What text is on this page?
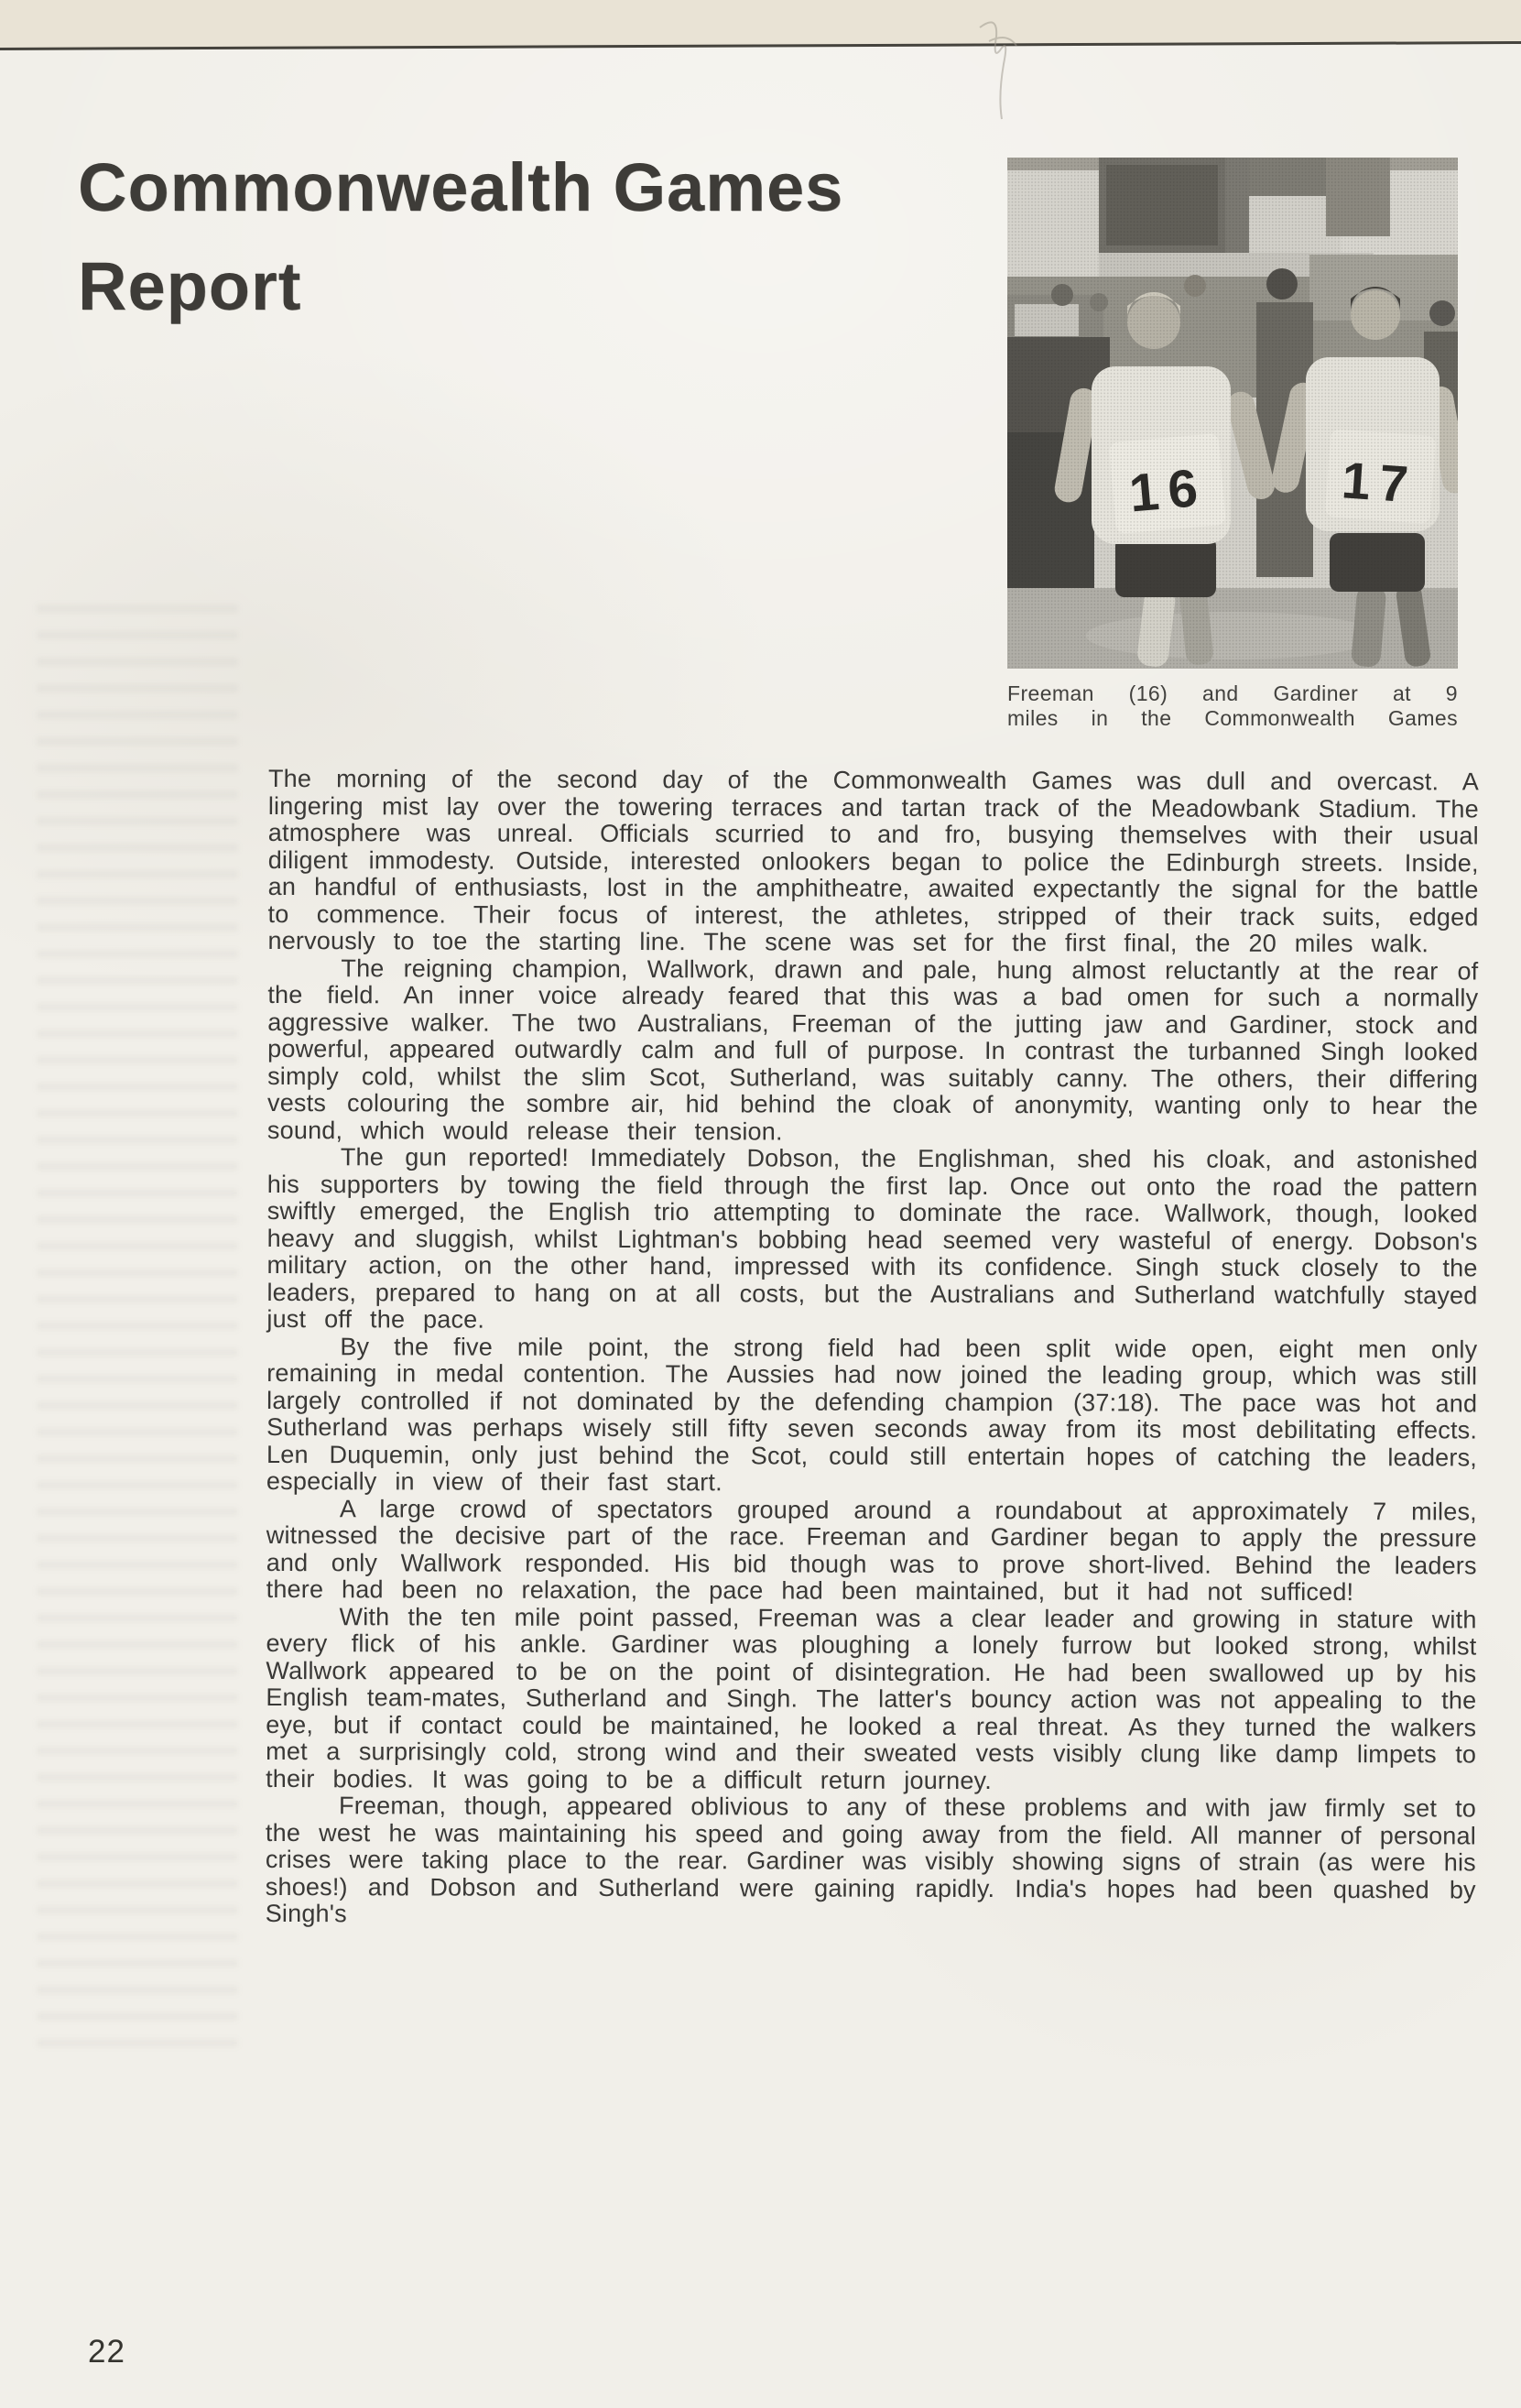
Commonwealth Games
Report
16	17
Freeman (16) and Gardiner at 9
miles in the Commonwealth Games

The morning of the second day of the Commonwealth Games was dull and overcast. A lingering mist lay over the towering terraces and tartan track of the Meadowbank Stadium. The atmosphere was unreal. Officials scurried to and fro, busying themselves with their usual diligent immodesty. Outside, interested onlookers began to police the Edinburgh streets. Inside, an handful of enthusiasts, lost in the amphitheatre, awaited expectantly the signal for the battle to commence. Their focus of interest, the athletes, stripped of their track suits, edged nervously to toe the starting line. The scene was set for the first final, the 20 miles walk.

The reigning champion, Wallwork, drawn and pale, hung almost reluctantly at the rear of the field. An inner voice already feared that this was a bad omen for such a normally aggressive walker. The two Australians, Freeman of the jutting jaw and Gardiner, stock and powerful, appeared outwardly calm and full of purpose. In contrast the turbanned Singh looked simply cold, whilst the slim Scot, Sutherland, was suitably canny. The others, their differing vests colouring the sombre air, hid behind the cloak of anonymity, wanting only to hear the sound, which would release their tension.

The gun reported! Immediately Dobson, the Englishman, shed his cloak, and astonished his supporters by towing the field through the first lap. Once out onto the road the pattern swiftly emerged, the English trio attempting to dominate the race. Wallwork, though, looked heavy and sluggish, whilst Lightman's bobbing head seemed very wasteful of energy. Dobson's military action, on the other hand, impressed with its confidence. Singh stuck closely to the leaders, prepared to hang on at all costs, but the Australians and Sutherland watchfully stayed just off the pace.

By the five mile point, the strong field had been split wide open, eight men only remaining in medal contention. The Aussies had now joined the leading group, which was still largely controlled if not dominated by the defending champion (37:18). The pace was hot and Sutherland was perhaps wisely still fifty seven seconds away from its most debilitating effects. Len Duquemin, only just behind the Scot, could still entertain hopes of catching the leaders, especially in view of their fast start.

A large crowd of spectators grouped around a roundabout at approximately 7 miles, witnessed the decisive part of the race. Freeman and Gardiner began to apply the pressure and only Wallwork responded. His bid though was to prove short-lived. Behind the leaders there had been no relaxation, the pace had been maintained, but it had not sufficed!

With the ten mile point passed, Freeman was a clear leader and growing in stature with every flick of his ankle. Gardiner was ploughing a lonely furrow but looked strong, whilst Wallwork appeared to be on the point of disintegration. He had been swallowed up by his English team-mates, Sutherland and Singh. The latter's bouncy action was not appealing to the eye, but if contact could be maintained, he looked a real threat. As they turned the walkers met a surprisingly cold, strong wind and their sweated vests visibly clung like damp limpets to their bodies. It was going to be a difficult return journey.

Freeman, though, appeared oblivious to any of these problems and with jaw firmly set to the west he was maintaining his speed and going away from the field. All manner of personal crises were taking place to the rear. Gardiner was visibly showing signs of strain (as were his shoes!) and Dobson and Sutherland were gaining rapidly. India's hopes had been quashed by Singh's

22
